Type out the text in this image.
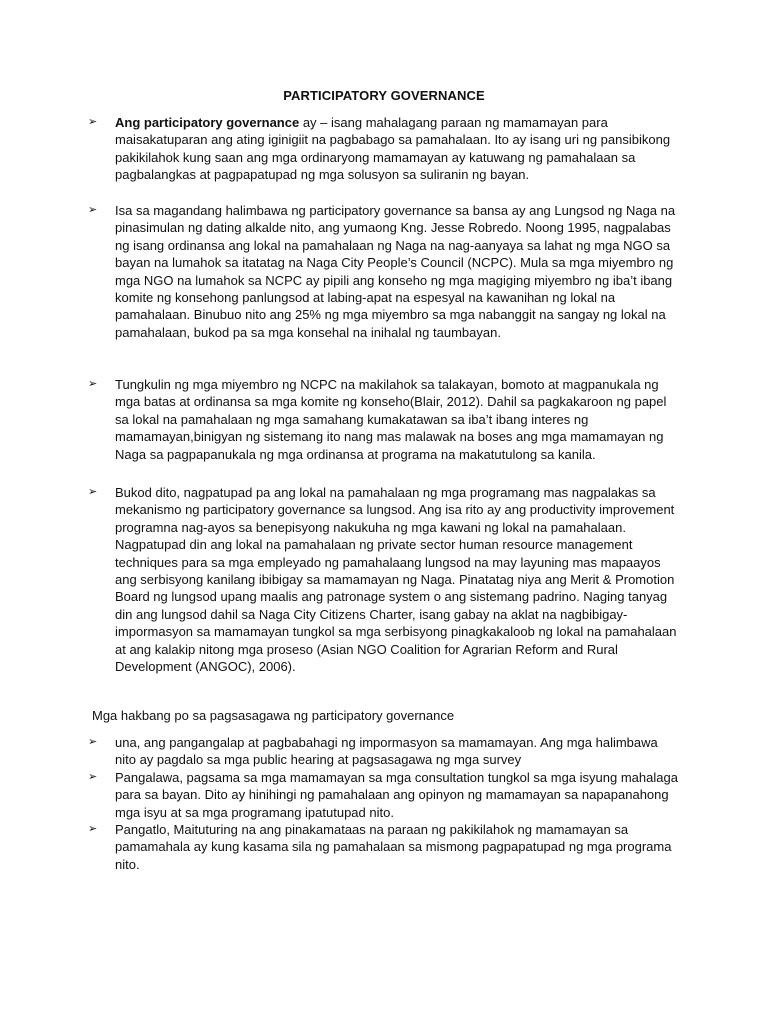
PARTICIPATORY GOVERNANCE
➢	Ang participatory governance ay – isang mahalagang paraan ng mamamayan para maisakatuparan ang ating iginigiit na pagbabago sa pamahalaan. Ito ay isang uri ng pansibikong pakikilahok kung saan ang mga ordinaryong mamamayan ay katuwang ng pamahalaan sa pagbalangkas at pagpapatupad ng mga solusyon sa suliranin ng bayan.
➢	Isa sa magandang halimbawa ng participatory governance sa bansa ay ang Lungsod ng Naga na pinasimulan ng dating alkalde nito, ang yumaong Kng. Jesse Robredo. Noong 1995, nagpalabas ng isang ordinansa ang lokal na pamahalaan ng Naga na nag-aanyaya sa lahat ng mga NGO sa bayan na lumahok sa itatatag na Naga City People’s Council (NCPC). Mula sa mga miyembro ng mga NGO na lumahok sa NCPC ay pipili ang konseho ng mga magiging miyembro ng iba’t ibang komite ng konsehong panlungsod at labing-apat na espesyal na kawanihan ng lokal na pamahalaan. Binubuo nito ang 25% ng mga miyembro sa mga nabanggit na sangay ng lokal na pamahalaan, bukod pa sa mga konsehal na inihalal ng taumbayan.
➢	Tungkulin ng mga miyembro ng NCPC na makilahok sa talakayan, bomoto at magpanukala ng mga batas at ordinansa sa mga komite ng konseho(Blair, 2012). Dahil sa pagkakaroon ng papel sa lokal na pamahalaan ng mga samahang kumakatawan sa iba’t ibang interes ng mamamayan,binigyan ng sistemang ito nang mas malawak na boses ang mga mamamayan ng Naga sa pagpapanukala ng mga ordinansa at programa na makatutulong sa kanila.
➢	Bukod dito, nagpatupad pa ang lokal na pamahalaan ng mga programang mas nagpalakas sa mekanismo ng participatory governance sa lungsod. Ang isa rito ay ang productivity improvement programna nag-ayos sa benepisyong nakukuha ng mga kawani ng lokal na pamahalaan. Nagpatupad din ang lokal na pamahalaan ng private sector human resource management techniques para sa mga empleyado ng pamahalaang lungsod na may layuning mas mapaayos ang serbisyong kanilang ibibigay sa mamamayan ng Naga. Pinatatag niya ang Merit & Promotion Board ng lungsod upang maalis ang patronage system o ang sistemang padrino. Naging tanyag din ang lungsod dahil sa Naga City Citizens Charter, isang gabay na aklat na nagbibigay-impormasyon sa mamamayan tungkol sa mga serbisyong pinagkakaloob ng lokal na pamahalaan at ang kalakip nitong mga proseso (Asian NGO Coalition for Agrarian Reform and Rural Development (ANGOC), 2006).
Mga hakbang po sa pagsasagawa ng participatory governance
➢	una, ang pangangalap at pagbabahagi ng impormasyon sa mamamayan. Ang mga halimbawa nito ay pagdalo sa mga public hearing at pagsasagawa ng mga survey
➢	Pangalawa, pagsama sa mga mamamayan sa mga consultation tungkol sa mga isyung mahalaga para sa bayan. Dito ay hinihingi ng pamahalaan ang opinyon ng mamamayan sa napapanahong mga isyu at sa mga programang ipatutupad nito.
➢	Pangatlo, Maituturing na ang pinakamataas na paraan ng pakikilahok ng mamamayan sa pamamahala ay kung kasama sila ng pamahalaan sa mismong pagpapatupad ng mga programa nito.
